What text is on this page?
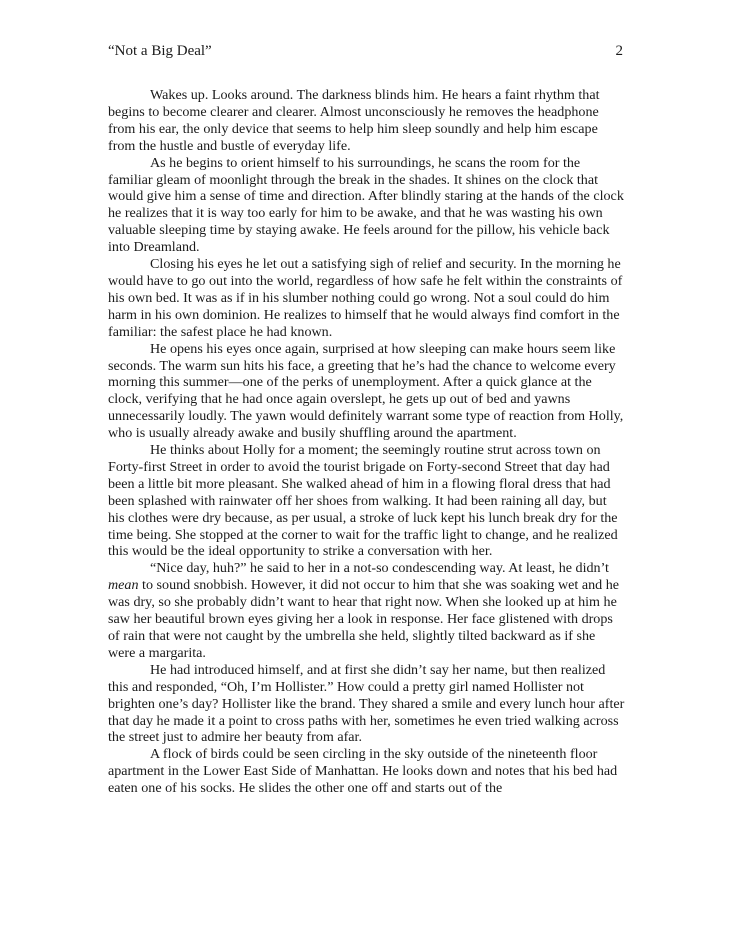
“Not a Big Deal”	2

Wakes up. Looks around. The darkness blinds him. He hears a faint rhythm that begins to become clearer and clearer. Almost unconsciously he removes the headphone from his ear, the only device that seems to help him sleep soundly and help him escape from the hustle and bustle of everyday life.

As he begins to orient himself to his surroundings, he scans the room for the familiar gleam of moonlight through the break in the shades. It shines on the clock that would give him a sense of time and direction. After blindly staring at the hands of the clock he realizes that it is way too early for him to be awake, and that he was wasting his own valuable sleeping time by staying awake. He feels around for the pillow, his vehicle back into Dreamland.

Closing his eyes he let out a satisfying sigh of relief and security. In the morning he would have to go out into the world, regardless of how safe he felt within the constraints of his own bed. It was as if in his slumber nothing could go wrong. Not a soul could do him harm in his own dominion. He realizes to himself that he would always find comfort in the familiar: the safest place he had known.

He opens his eyes once again, surprised at how sleeping can make hours seem like seconds. The warm sun hits his face, a greeting that he’s had the chance to welcome every morning this summer—one of the perks of unemployment. After a quick glance at the clock, verifying that he had once again overslept, he gets up out of bed and yawns unnecessarily loudly. The yawn would definitely warrant some type of reaction from Holly, who is usually already awake and busily shuffling around the apartment.

He thinks about Holly for a moment; the seemingly routine strut across town on Forty-first Street in order to avoid the tourist brigade on Forty-second Street that day had been a little bit more pleasant. She walked ahead of him in a flowing floral dress that had been splashed with rainwater off her shoes from walking. It had been raining all day, but his clothes were dry because, as per usual, a stroke of luck kept his lunch break dry for the time being. She stopped at the corner to wait for the traffic light to change, and he realized this would be the ideal opportunity to strike a conversation with her.

“Nice day, huh?” he said to her in a not-so condescending way. At least, he didn’t mean to sound snobbish. However, it did not occur to him that she was soaking wet and he was dry, so she probably didn’t want to hear that right now. When she looked up at him he saw her beautiful brown eyes giving her a look in response. Her face glistened with drops of rain that were not caught by the umbrella she held, slightly tilted backward as if she were a margarita.

He had introduced himself, and at first she didn’t say her name, but then realized this and responded, “Oh, I’m Hollister.” How could a pretty girl named Hollister not brighten one’s day? Hollister like the brand. They shared a smile and every lunch hour after that day he made it a point to cross paths with her, sometimes he even tried walking across the street just to admire her beauty from afar.

A flock of birds could be seen circling in the sky outside of the nineteenth floor apartment in the Lower East Side of Manhattan. He looks down and notes that his bed had eaten one of his socks. He slides the other one off and starts out of the
